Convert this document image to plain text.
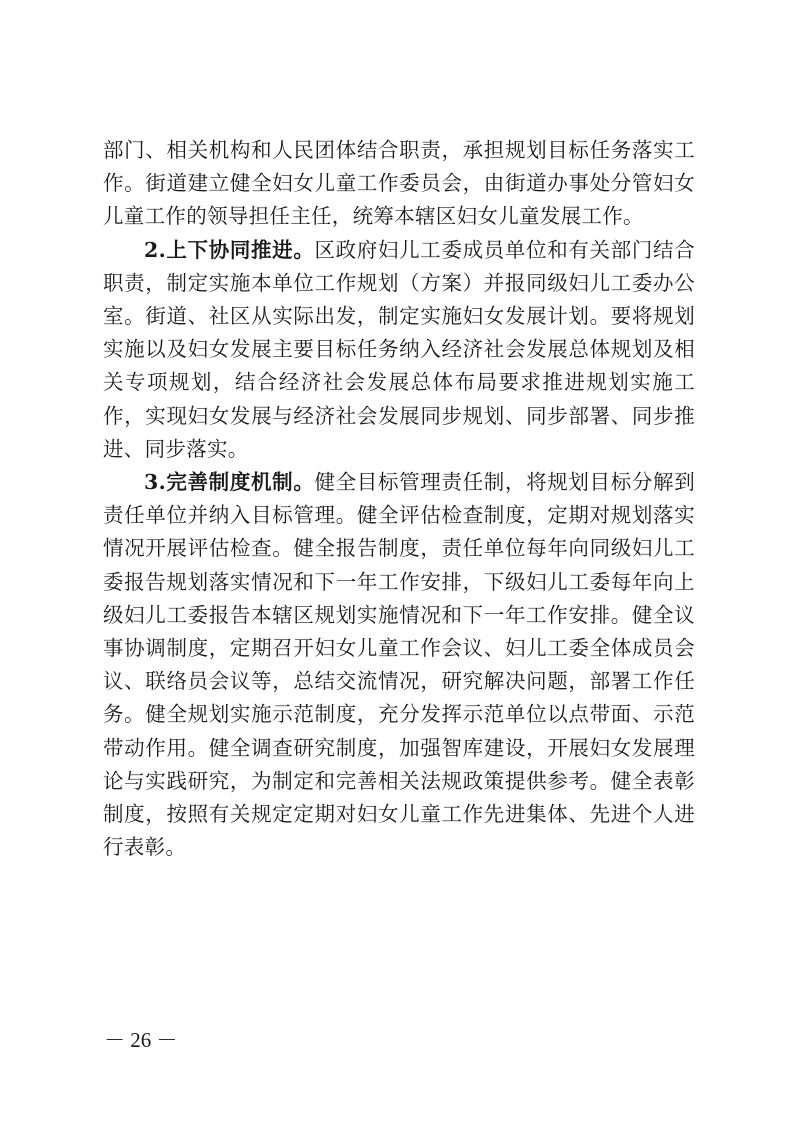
部门、相关机构和人民团体结合职责，承担规划目标任务落实工作。街道建立健全妇女儿童工作委员会，由街道办事处分管妇女儿童工作的领导担任主任，统筹本辖区妇女儿童发展工作。

2.上下协同推进。区政府妇儿工委成员单位和有关部门结合职责，制定实施本单位工作规划（方案）并报同级妇儿工委办公室。街道、社区从实际出发，制定实施妇女发展计划。要将规划实施以及妇女发展主要目标任务纳入经济社会发展总体规划及相关专项规划，结合经济社会发展总体布局要求推进规划实施工作，实现妇女发展与经济社会发展同步规划、同步部署、同步推进、同步落实。

3.完善制度机制。健全目标管理责任制，将规划目标分解到责任单位并纳入目标管理。健全评估检查制度，定期对规划落实情况开展评估检查。健全报告制度，责任单位每年向同级妇儿工委报告规划落实情况和下一年工作安排，下级妇儿工委每年向上级妇儿工委报告本辖区规划实施情况和下一年工作安排。健全议事协调制度，定期召开妇女儿童工作会议、妇儿工委全体成员会议、联络员会议等，总结交流情况，研究解决问题，部署工作任务。健全规划实施示范制度，充分发挥示范单位以点带面、示范带动作用。健全调查研究制度，加强智库建设，开展妇女发展理论与实践研究，为制定和完善相关法规政策提供参考。健全表彰制度，按照有关规定定期对妇女儿童工作先进集体、先进个人进行表彰。

－ 26 －
